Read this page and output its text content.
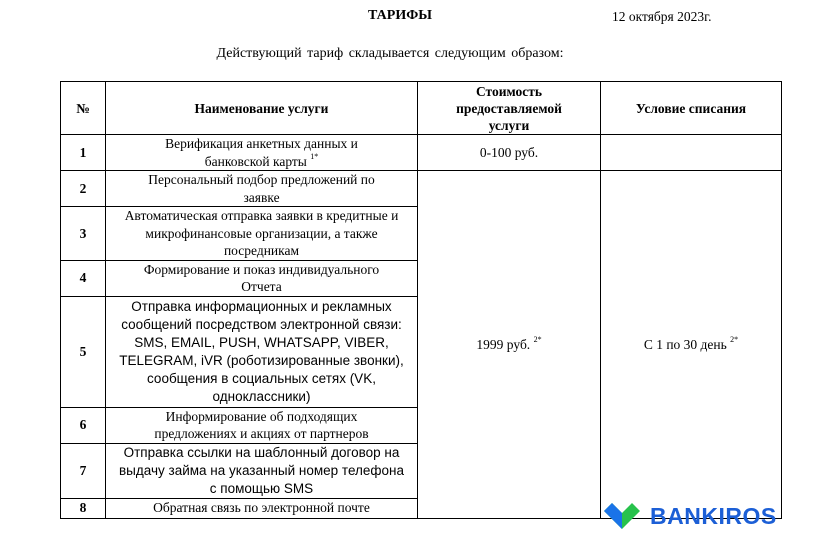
ТАРИФЫ	12 октября 2023г.
Действующий тариф складывается следующим образом:
№	Наименование услуги	Стоимость предоставляемой услуги	Условие списания
1	Верификация анкетных данных и банковской карты $^{1*}$	0-100 руб.	
2	Персональный подбор предложений по заявке	1999 руб. $^{2*}$	С 1 по 30 день $^{2*}$
3	Автоматическая отправка заявки в кредитные и микрофинансовые организации, а также посредникам		
4	Формирование и показ индивидуального Отчета		
5	Отправка информационных и рекламных сообщений посредством электронной связи: SMS, EMAIL, PUSH, WHATSAPP, VIBER, TELEGRAM, iVR (роботизированные звонки), сообщения в социальных сетях (VK, одноклассники)		
6	Информирование об подходящих предложениях и акциях от партнеров		
7	Отправка ссылки на шаблонный договор на выдачу займа на указанный номер телефона с помощью SMS		
8	Обратная связь по электронной почте			BANKIROS
